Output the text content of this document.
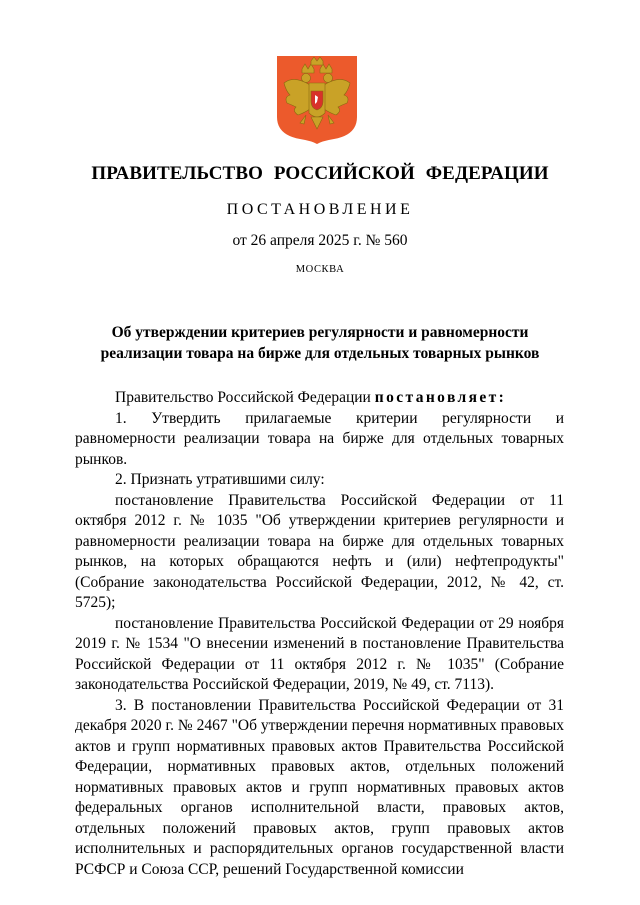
ПРАВИТЕЛЬСТВО РОССИЙСКОЙ ФЕДЕРАЦИИ
ПОСТАНОВЛЕНИЕ
от 26 апреля 2025 г. № 560
МОСКВА
Об утверждении критериев регулярности и равномерности
реализации товара на бирже для отдельных товарных рынков

Правительство Российской Федерации постановляет:

1. Утвердить прилагаемые критерии регулярности и равномерности реализации товара на бирже для отдельных товарных рынков.

2. Признать утратившими силу:

постановление Правительства Российской Федерации от 11 октября 2012 г. № 1035 "Об утверждении критериев регулярности и равномерности реализации товара на бирже для отдельных товарных рынков, на которых обращаются нефть и (или) нефтепродукты" (Собрание законодательства Российской Федерации, 2012, № 42, ст. 5725);

постановление Правительства Российской Федерации от 29 ноября 2019 г. № 1534 "О внесении изменений в постановление Правительства Российской Федерации от 11 октября 2012 г. № 1035" (Собрание законодательства Российской Федерации, 2019, № 49, ст. 7113).

3. В постановлении Правительства Российской Федерации от 31 декабря 2020 г. № 2467 "Об утверждении перечня нормативных правовых актов и групп нормативных правовых актов Правительства Российской Федерации, нормативных правовых актов, отдельных положений нормативных правовых актов и групп нормативных правовых актов федеральных органов исполнительной власти, правовых актов, отдельных положений правовых актов, групп правовых актов исполнительных и распорядительных органов государственной власти РСФСР и Союза ССР, решений Государственной комиссии
